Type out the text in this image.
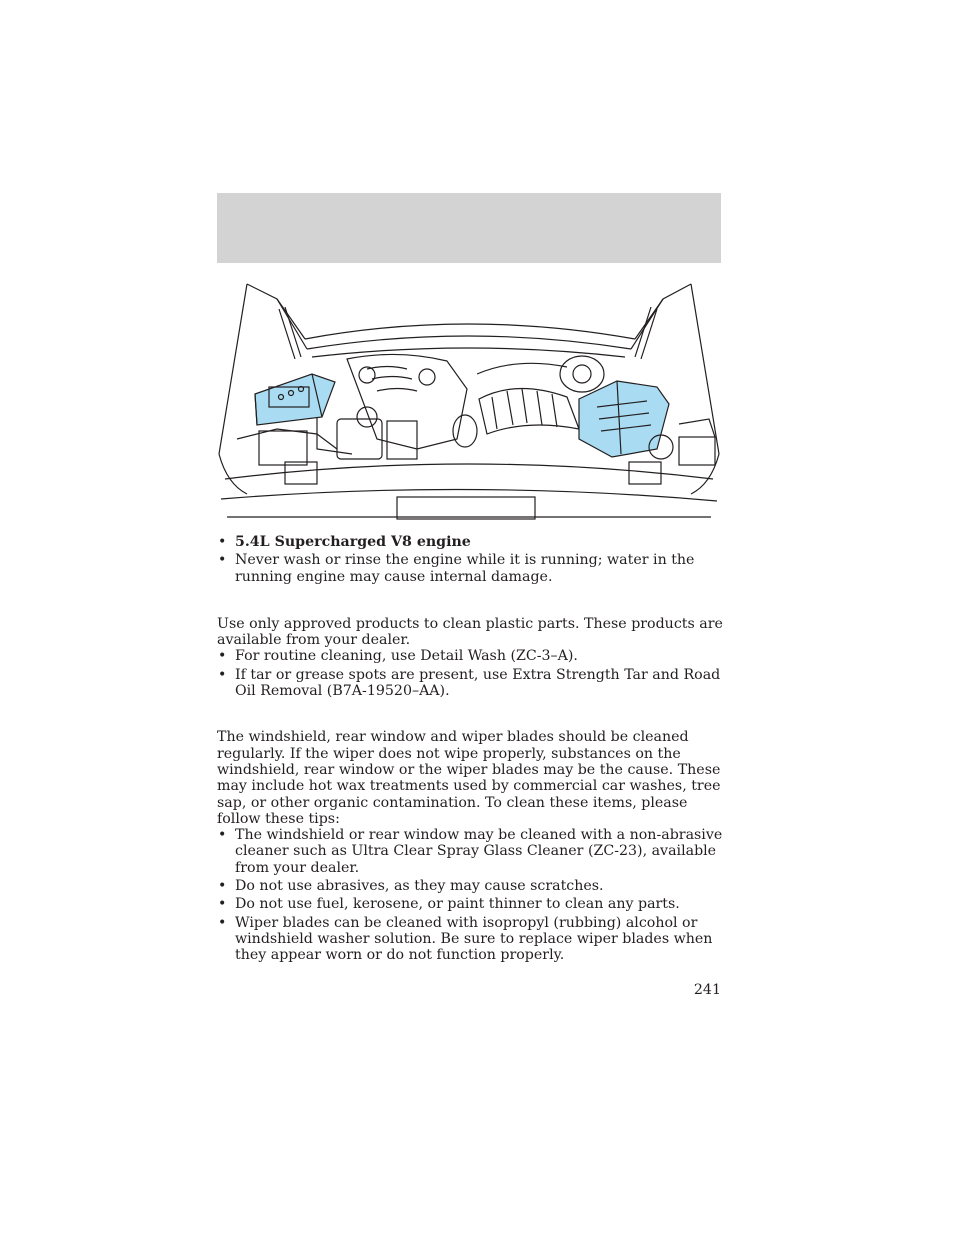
• 5.4L Supercharged V8 engine
• Never wash or rinse the engine while it is running; water in the running engine may cause internal damage.

Use only approved products to clean plastic parts. These products are available from your dealer.

• For routine cleaning, use Detail Wash (ZC-3–A).
• If tar or grease spots are present, use Extra Strength Tar and Road Oil Removal (B7A-19520–AA).

The windshield, rear window and wiper blades should be cleaned regularly. If the wiper does not wipe properly, substances on the windshield, rear window or the wiper blades may be the cause. These may include hot wax treatments used by commercial car washes, tree sap, or other organic contamination. To clean these items, please follow these tips:

• The windshield or rear window may be cleaned with a non-abrasive cleaner such as Ultra Clear Spray Glass Cleaner (ZC-23), available from your dealer.
• Do not use abrasives, as they may cause scratches.
• Do not use fuel, kerosene, or paint thinner to clean any parts.
• Wiper blades can be cleaned with isopropyl (rubbing) alcohol or windshield washer solution. Be sure to replace wiper blades when they appear worn or do not function properly.
241
